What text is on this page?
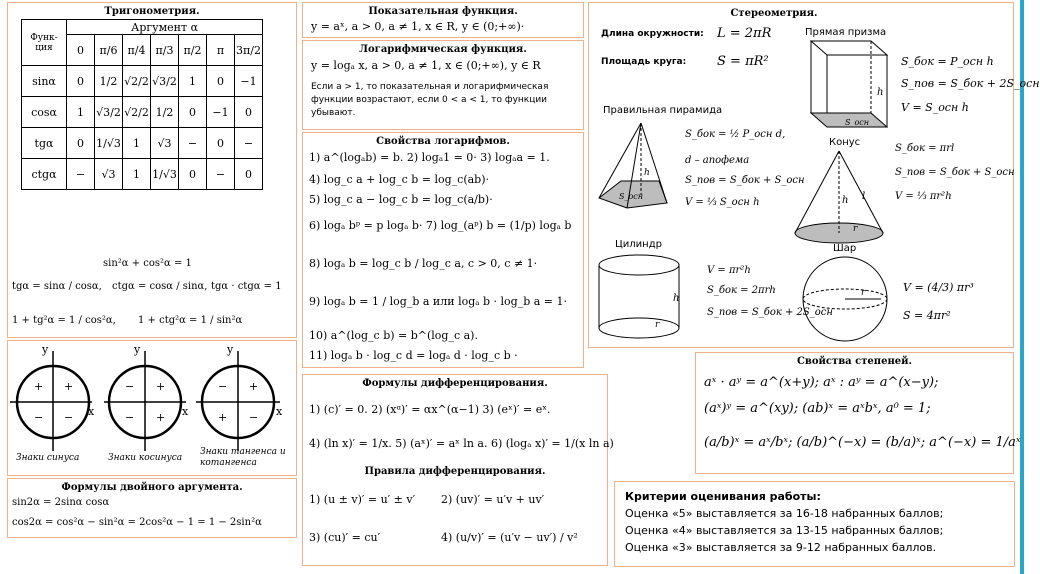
Тригонометрия.
Функ-ция	Аргумент α						
	0	π/6	π/4	π/3	π/2	π	3π/2
sinα	0	1/2	√2/2	√3/2	1	0	−1
cosα	1	√3/2	√2/2	1/2	0	−1	0
tgα	0	1/√3	1	√3	−	0	−
ctgα	−	√3	1	1/√3	0	−	0
sin²α + cos²α = 1
tgα = sinα / cosα, ctgα = cosα / sinα, tgα · ctgα = 1
1 + tg²α = 1 / cos²α, 1 + ctg²α = 1 / sin²α
y
x
+ +
− −
y
x
− +
− +
y
x
− +
+ −
Знаки синуса	Знаки косинуса
Знаки тангенса и котангенса
Формулы двойного аргумента.
sin2α = 2sinα cosα
cos2α = cos²α − sin²α = 2cos²α − 1 = 1 − 2sin²α
Показательная функция.
y = aˣ, a > 0, a ≠ 1, x ∈ R, y ∈ (0;+∞)·
Логарифмическая функция.
y = logₐ x, a > 0, a ≠ 1, x ∈ (0;+∞), y ∈ R
Если a > 1, то показательная и логарифмическая функции возрастают, если 0 < a < 1, то функции убывают.
Свойства логарифмов.
1) a^(logₐb) = b. 2) logₐ1 = 0· 3) logₐa = 1.
4) log_c a + log_c b = log_c(ab)·
5) log_c a − log_c b = log_c(a/b)·
6) logₐ bᵖ = p logₐ b· 7) log_(aᵖ) b = (1/p) logₐ b
8) logₐ b = log_c b / log_c a, c > 0, c ≠ 1·
9) logₐ b = 1 / log_b a или logₐ b · log_b a = 1·
10) a^(log_c b) = b^(log_c a).
11) logₐ b · log_c d = logₐ d · log_c b ·
Формулы дифференцирования.
1) (c)′ = 0. 2) (xᵅ)′ = αx^(α−1) 3) (eˣ)′ = eˣ.
4) (ln x)′ = 1/x. 5) (aˣ)′ = aˣ ln a. 6) (logₐ x)′ = 1/(x ln a)
Правила дифференцирования.
1) (u ± v)′ = u′ ± v′ 2) (uv)′ = u′v + uv′
3) (cu)′ = cu′	4) (u/v)′ = (u′v − uv′) / v²
Стереометрия.
Длина окружности: L = 2πR
Площадь круга: S = πR²
h
S_осн
h
S_осн	h l
r
h
r
r
Прямая призма
S_бок = P_осн h
S_пов = S_бок + 2S_осн
V = S_осн h
Правильная пирамида
S_бок = ½ P_осн d,
d – апофема
S_пов = S_бок + S_осн
V = ⅓ S_осн h
Конус
S_бок = πrl
S_пов = S_бок + S_осн
V = ⅓ πr²h
Цилиндр
V = πr²h
S_бок = 2πrh
S_пов = S_бок + 2S_осн
Шар
V = (4/3) πr³
S = 4πr²
Свойства степеней.
aˣ · aʸ = a^(x+y); aˣ : aʸ = a^(x−y);
(aˣ)ʸ = a^(xy); (ab)ˣ = aˣbˣ, a⁰ = 1;
(a/b)ˣ = aˣ/bˣ; (a/b)^(−x) = (b/a)ˣ; a^(−x) = 1/aˣ
Критерии оценивания работы:
Оценка «5» выставляется за 16-18 набранных баллов;
Оценка «4» выставляется за 13-15 набранных баллов;
Оценка «3» выставляется за 9-12 набранных баллов.
